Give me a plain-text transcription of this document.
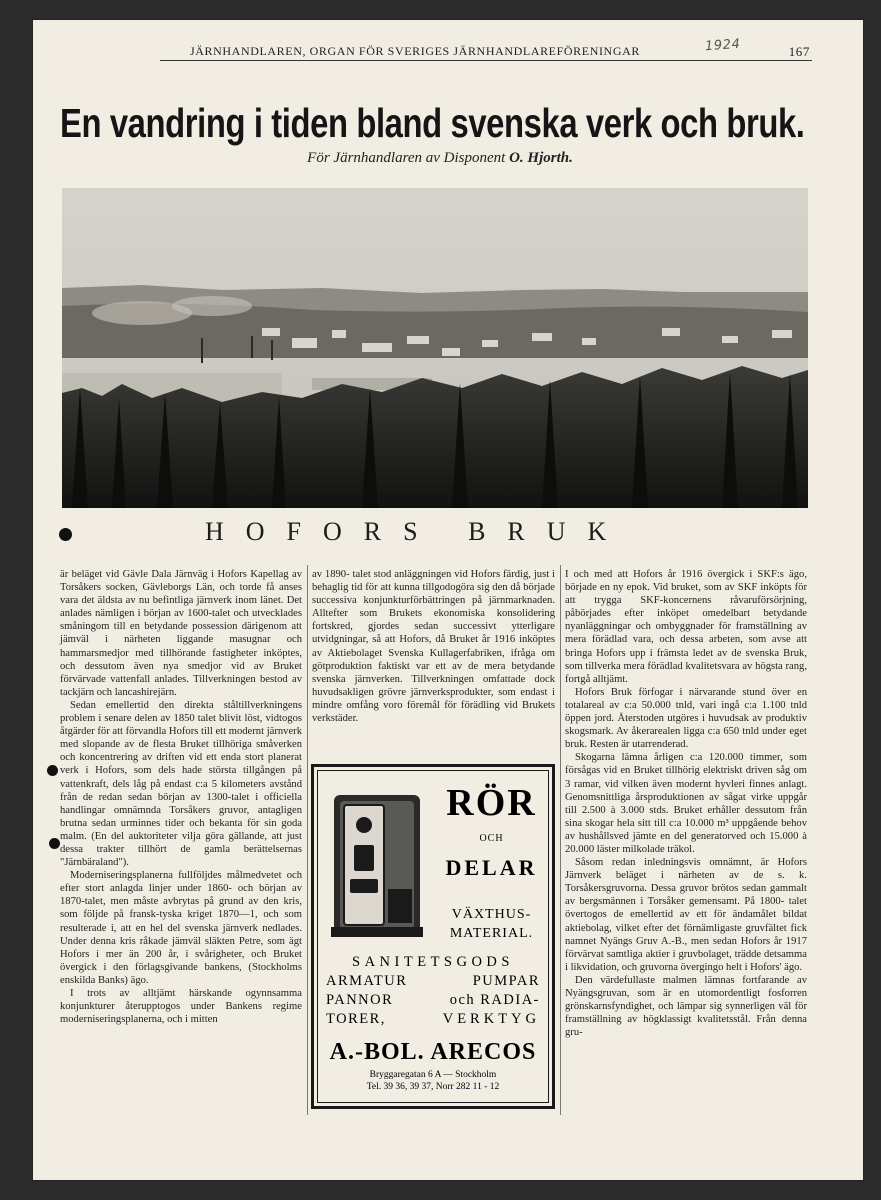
JÄRNHANDLAREN, ORGAN FÖR SVERIGES JÄRNHANDLAREFÖRENINGAR	1924	167
En vandring i tiden bland svenska verk och bruk.
För Järnhandlaren av Disponent O. Hjorth.
HOFORS BRUK

är beläget vid Gävle Dala Järnväg i Hofors Kapellag av Torsåkers socken, Gävleborgs Län, och torde få anses vara det äldsta av nu befintliga järnverk inom länet. Det anlades nämligen i början av 1600-talet och utvecklades småningom till en betydande possession därigenom att jämväl i närheten liggande masugnar och hammarsmedjor med tillhörande fastigheter inköptes, och dessutom även nya smedjor vid av Bruket förvärvade vattenfall anlades. Tillverkningen bestod av tackjärn och lancashirejärn.

Sedan emellertid den direkta ståltillverkningens problem i senare delen av 1850 talet blivit löst, vidtogos åtgärder för att förvandla Hofors till ett modernt järnverk med slopande av de flesta Bruket tillhöriga småverken och koncentrering av driften vid ett enda stort planerat verk i Hofors, som dels hade största tillgången på vattenkraft, dels låg på endast c:a 5 kilometers avstånd från de redan sedan början av 1300-talet i officiella handlingar omnämnda Torsåkers gruvor, antagligen brutna sedan urminnes tider och bekanta för sin goda malm. (En del auktoriteter vilja göra gällande, att just dessa trakter tillhört de gamla berättelsernas "Järnbäraland").

Moderniseringsplanerna fullföljdes målmedvetet och efter stort anlagda linjer under 1860- och början av 1870-talet, men måste avbrytas på grund av den kris, som följde på fransk-tyska kriget 1870—1, och som resulterade i, att en hel del svenska järnverk nedlades. Under denna kris råkade jämväl släkten Petre, som ägt Hofors i mer än 200 år, i svårigheter, och Bruket övergick i den förlagsgivande bankens, (Stockholms enskilda Banks) ägo.

I trots av alltjämt härskande ogynnsamma konjunkturer återupptogos under Bankens regime moderniseringsplanerna, och i mitten

av 1890- talet stod anläggningen vid Hofors färdig, just i behaglig tid för att kunna tillgodogöra sig den då började successiva konjunkturförbättringen på järnmarknaden. Alltefter som Brukets ekonomiska konsolidering fortskred, gjordes sedan successivt ytterligare utvidgningar, så att Hofors, då Bruket år 1916 inköptes av Aktiebolaget Svenska Kullagerfabriken, ifråga om götproduktion faktiskt var ett av de mera betydande svenska järnverken. Tillverkningen omfattade dock huvudsakligen grövre järnverksprodukter, som endast i mindre omfång voro föremål för förädling vid Brukets verkstäder.

I och med att Hofors år 1916 övergick i SKF:s ägo, började en ny epok. Vid bruket, som av SKF inköpts för att trygga SKF-koncernens råvaruförsörjning, påbörjades efter inköpet omedelbart betydande nyanläggningar och ombyggnader för framställning av mera förädlad vara, och dessa arbeten, som avse att bringa Hofors upp i främsta ledet av de svenska Bruk, som tillverka mera förädlad kvalitetsvara av högsta rang, fortgå alltjämt.

Hofors Bruk förfogar i närvarande stund över en totalareal av c:a 50.000 tnld, vari ingå c:a 1.100 tnld öppen jord. Återstoden utgöres i huvudsak av produktiv skogsmark. Av åkerarealen ligga c:a 650 tnld under eget bruk. Resten är utarrenderad.

Skogarna lämna årligen c:a 120.000 timmer, som försågas vid en Bruket tillhörig elektriskt driven såg om 3 ramar, vid vilken även modernt hyvleri finnes anlagt. Genomsnittliga årsproduktionen av sågat virke uppgår till 2.500 à 3.000 stds. Bruket erhåller dessutom från sina skogar hela sitt till c:a 10.000 m³ uppgående behov av hushållsved jämte en del generatorved och 15.000 à 20.000 läster milkolade träkol.

Såsom redan inledningsvis omnämnt, är Hofors Järnverk beläget i närheten av de s. k. Torsåkersgruvorna. Dessa gruvor brötos sedan gammalt av bergsmännen i Torsåker gemensamt. På 1800- talet övertogos de emellertid av ett för ändamålet bildat aktiebolag, vilket efter det förnämligaste gruvfältet fick namnet Nyängs Gruv A.-B., men sedan Hofors år 1917 förvärvat samtliga aktier i gruvbolaget, trädde detsamma i likvidation, och gruvorna övergingo helt i Hofors' ägo.

Den värdefullaste malmen lämnas fortfarande av Nyängsgruvan, som är en utomordentligt fosforren grönskarnsfyndighet, och lämpar sig synnerligen väl för framställning av högklassigt kvalitetsstål. Från denna gru-

RÖR
OCH
DELAR
VÄXTHUS-
MATERIAL.
SANITETSGODS
ARMATUR	PUMPAR
PANNOR	och RADIA-
TORER,	VERKTYG
A.-BOL. ARECOS
Bryggaregatan 6 A — Stockholm
Tel. 39 36, 39 37, Norr 282 11 - 12
